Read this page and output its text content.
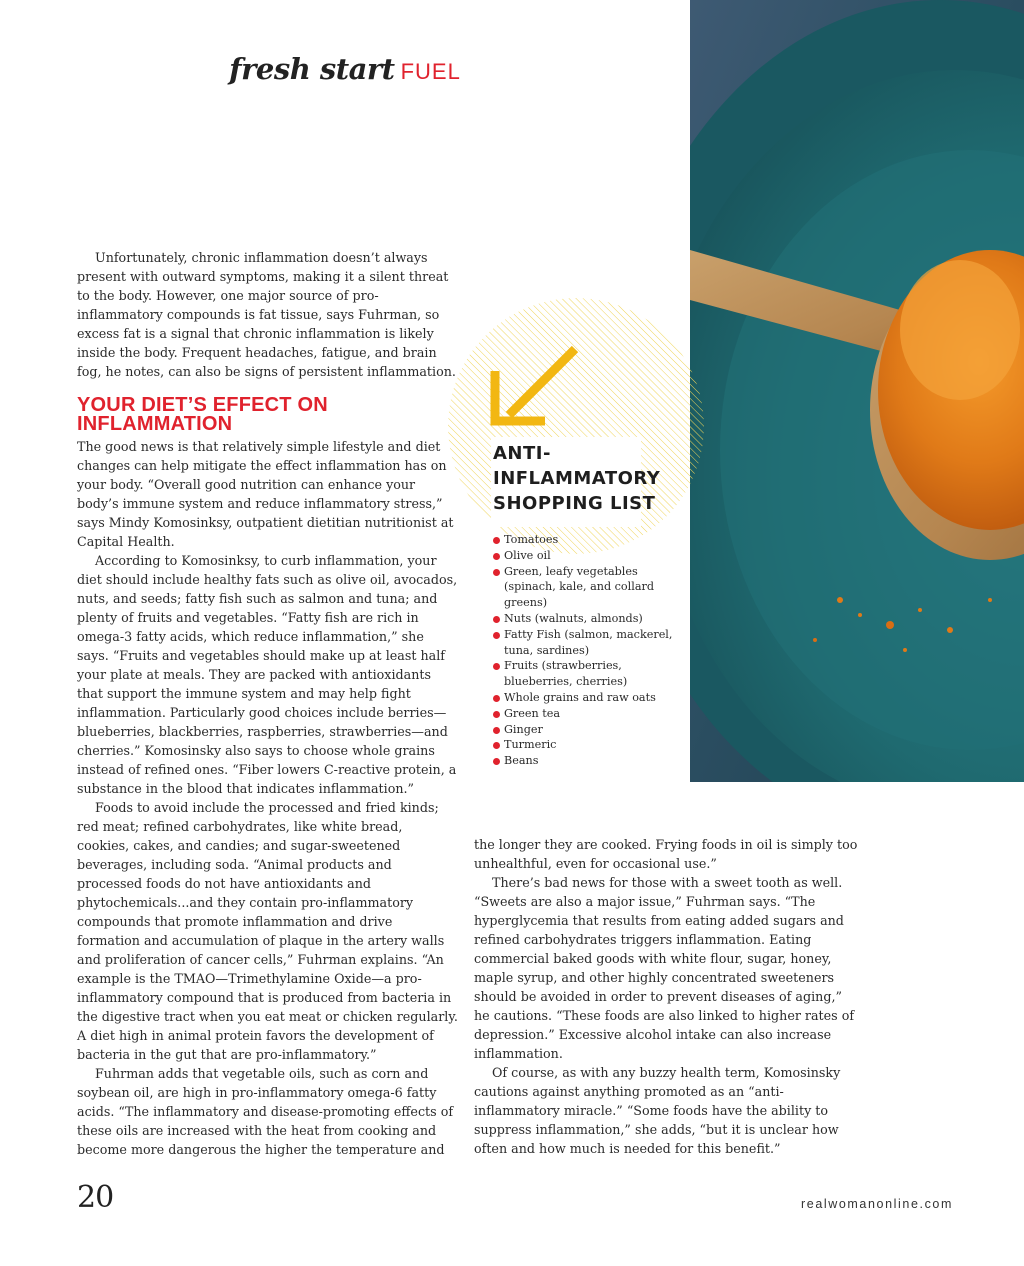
fresh start FUEL

Unfortunately, chronic inflammation doesn’t always present with outward symptoms, making it a silent threat to the body. However, one major source of pro-inflammatory compounds is fat tissue, says Fuhrman, so excess fat is a signal that chronic inflammation is likely inside the body. Frequent headaches, fatigue, and brain fog, he notes, can also be signs of persistent inflammation.

YOUR DIET’S EFFECT ON INFLAMMATION

The good news is that relatively simple lifestyle and diet changes can help mitigate the effect inflammation has on your body. “Overall good nutrition can enhance your body’s immune system and reduce inflammatory stress,” says Mindy Komosinksy, outpatient dietitian nutritionist at Capital Health.

According to Komosinksy, to curb inflammation, your diet should include healthy fats such as olive oil, avocados, nuts, and seeds; fatty fish such as salmon and tuna; and plenty of fruits and vegetables. “Fatty fish are rich in omega-3 fatty acids, which reduce inflammation,” she says. “Fruits and vegetables should make up at least half your plate at meals. They are packed with antioxidants that support the immune system and may help fight inflammation. Particularly good choices include berries—blueberries, blackberries, raspberries, strawberries—and cherries.” Komosinsky also says to choose whole grains instead of refined ones. “Fiber lowers C-reactive protein, a substance in the blood that indicates inflammation.”

Foods to avoid include the processed and fried kinds; red meat; refined carbohydrates, like white bread, cookies, cakes, and candies; and sugar-sweetened beverages, including soda. “Animal products and processed foods do not have antioxidants and phytochemicals...and they contain pro-inflammatory compounds that promote inflammation and drive formation and accumulation of plaque in the artery walls and proliferation of cancer cells,” Fuhrman explains. “An example is the TMAO—Trimethylamine Oxide—a pro-inflammatory compound that is produced from bacteria in the digestive tract when you eat meat or chicken regularly. A diet high in animal protein favors the development of bacteria in the gut that are pro-inflammatory.”

Fuhrman adds that vegetable oils, such as corn and soybean oil, are high in pro-inflammatory omega-6 fatty acids. “The inflammatory and disease-promoting effects of these oils are increased with the heat from cooking and become more dangerous the higher the temperature and

ANTI-INFLAMMATORY SHOPPING LIST
Tomatoes
Olive oil
Green, leafy vegetables (spinach, kale, and collard greens)
Nuts (walnuts, almonds)
Fatty Fish (salmon, mackerel, tuna, sardines)
Fruits (strawberries, blueberries, cherries)
Whole grains and raw oats
Green tea
Ginger
Turmeric
Beans

the longer they are cooked. Frying foods in oil is simply too unhealthful, even for occasional use.”

There’s bad news for those with a sweet tooth as well. “Sweets are also a major issue,” Fuhrman says. “The hyperglycemia that results from eating added sugars and refined carbohydrates triggers inflammation. Eating commercial baked goods with white flour, sugar, honey, maple syrup, and other highly concentrated sweeteners should be avoided in order to prevent diseases of aging,” he cautions. “These foods are also linked to higher rates of depression.” Excessive alcohol intake can also increase inflammation.

Of course, as with any buzzy health term, Komosinsky cautions against anything promoted as an “anti-inflammatory miracle.” “Some foods have the ability to suppress inflammation,” she adds, “but it is unclear how often and how much is needed for this benefit.”

20	realwomanonline.com
